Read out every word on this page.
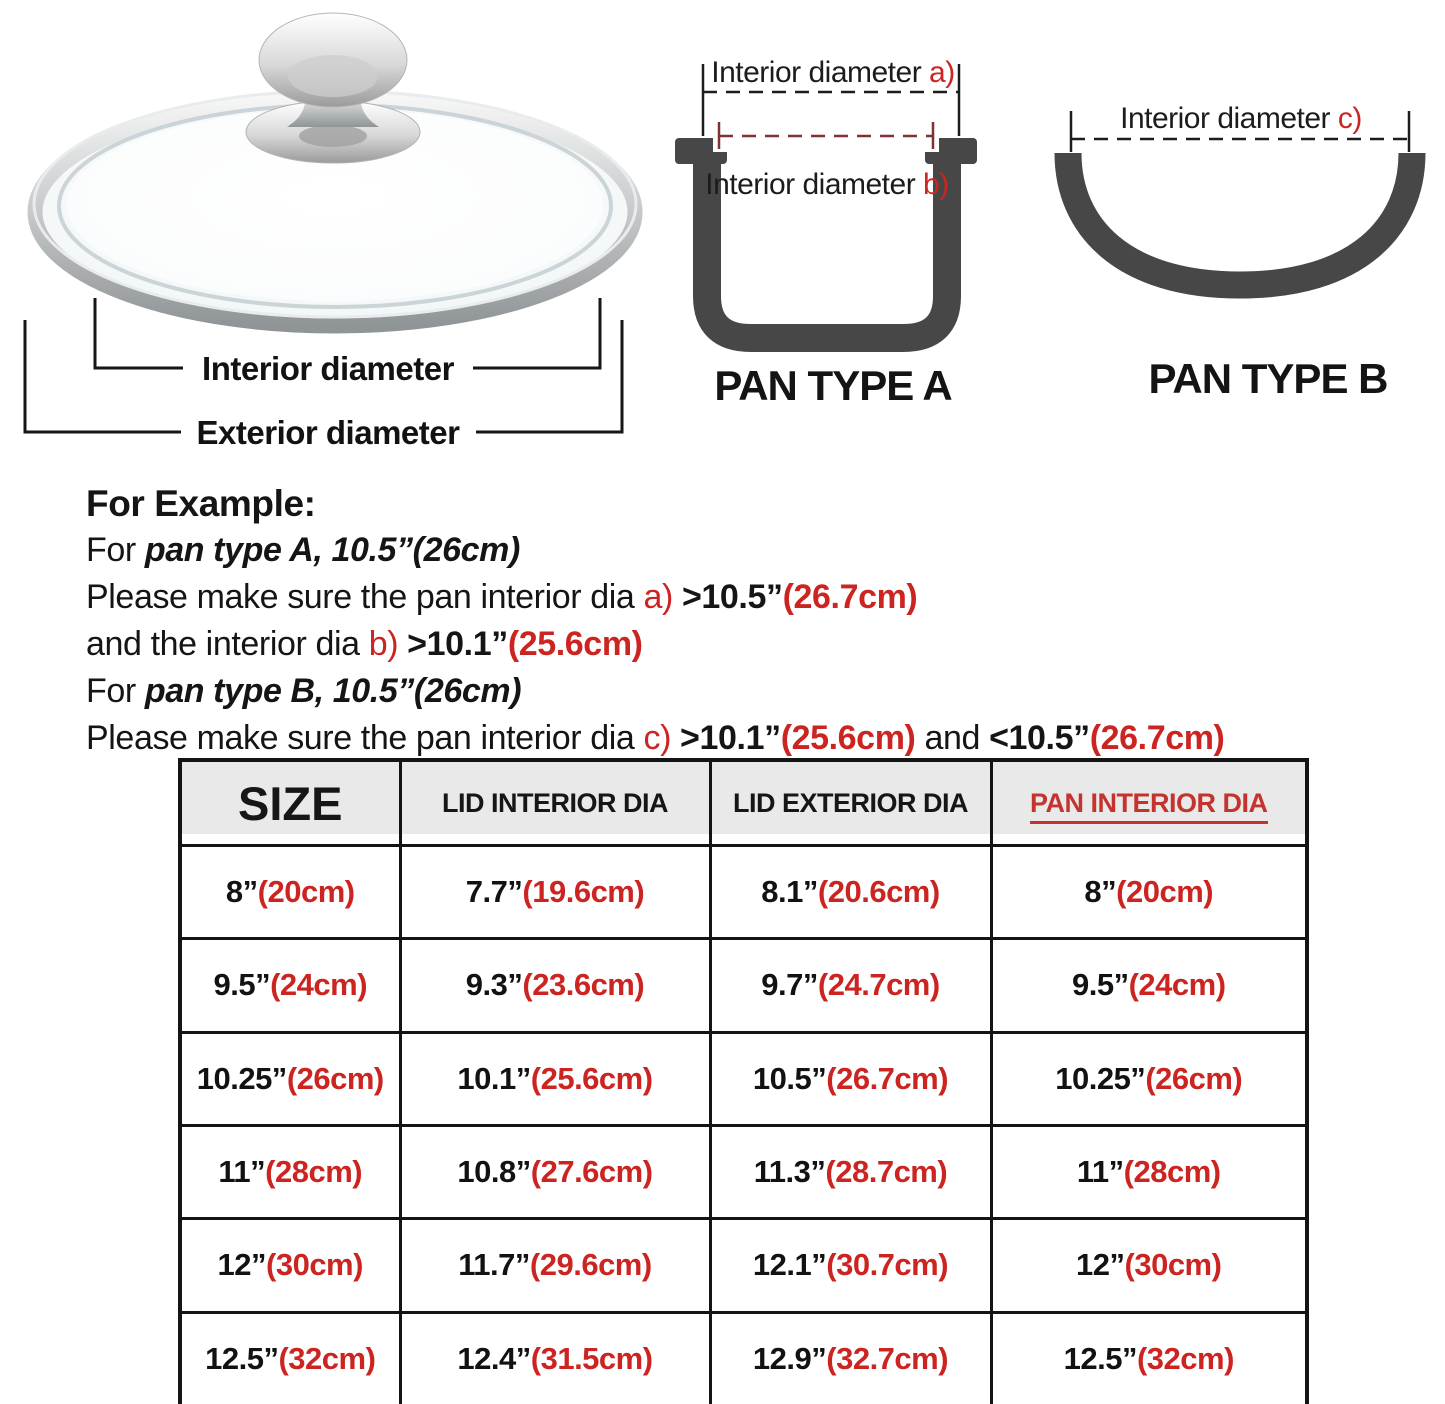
Interior diameter
Exterior diameter
Interior diameter a)
Interior diameter b)
PAN TYPE A
Interior diameter c)
PAN TYPE B
For Example:
For pan type A, 10.5”(26cm)
Please make sure the pan interior dia a) >10.5”(26.7cm)
and the interior dia b) >10.1”(25.6cm)
For pan type B, 10.5”(26cm)
Please make sure the pan interior dia c) >10.1”(25.6cm) and <10.5”(26.7cm)
SIZE	LID INTERIOR DIA	LID EXTERIOR DIA	PAN INTERIOR DIA
8”(20cm)	7.7”(19.6cm)	8.1”(20.6cm)	8”(20cm)
9.5”(24cm)	9.3”(23.6cm)	9.7”(24.7cm)	9.5”(24cm)
10.25”(26cm)	10.1”(25.6cm)	10.5”(26.7cm)	10.25”(26cm)
11”(28cm)	10.8”(27.6cm)	11.3”(28.7cm)	11”(28cm)
12”(30cm)	11.7”(29.6cm)	12.1”(30.7cm)	12”(30cm)
12.5”(32cm)	12.4”(31.5cm)	12.9”(32.7cm)	12.5”(32cm)
